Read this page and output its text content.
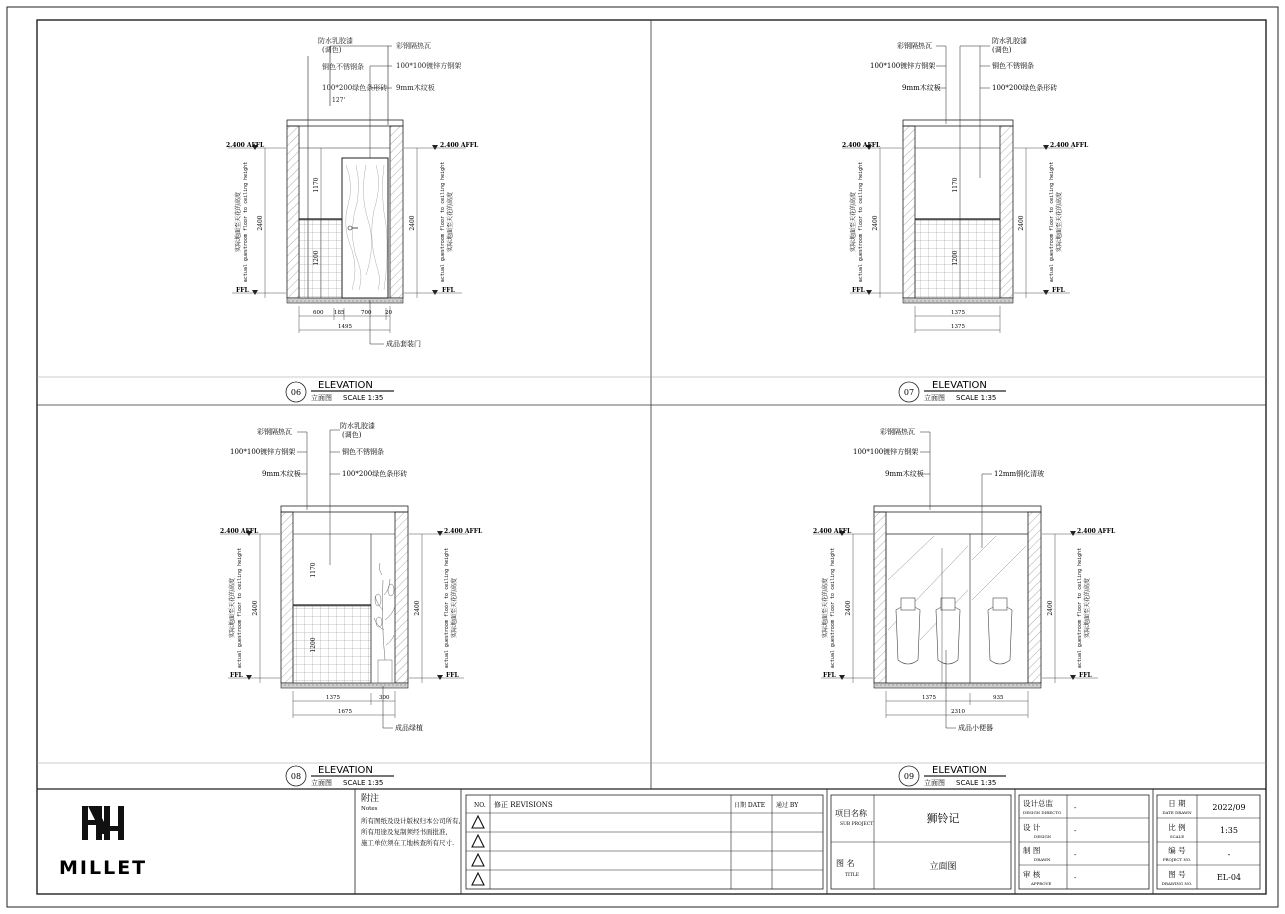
防水乳胶漆
(调色)
铜色不锈钢条
100*200绿色条形砖
彩钢隔热瓦
100*100镀锌方钢架
9mm木纹板
127'
2.400 AFFL	2.400 AFFL
FFL	FFL
2400	2400
1170
1200
实际地面至天花的高度 actual guestroom floor to ceiling height	actual guestroom floor to ceiling height 实际地面至天花的高度
600 185	700 20
1495
成品套装门
06
ELEVATION
立面图 SCALE 1:35
彩钢隔热瓦
100*100镀锌方钢架
9mm木纹板
防水乳胶漆
(调色)
铜色不锈钢条
100*200绿色条形砖
2.400 AFFL	2.400 AFFL
FFL	FFL
2400	2400
1170
1200
实际地面至天花的高度 actual guestroom floor to ceiling height	actual guestroom floor to ceiling height 实际地面至天花的高度
1375
1375
07
ELEVATION
立面图 SCALE 1:35
彩钢隔热瓦
100*100镀锌方钢架
9mm木纹板
防水乳胶漆
(调色)
铜色不锈钢条
100*200绿色条形砖
2.400 AFFL	2.400 AFFL
FFL	FFL
2400	2400
1170
1200
实际地面至天花的高度 actual guestroom floor to ceiling height	actual guestroom floor to ceiling height 实际地面至天花的高度
1375	300
1675
成品绿植
08
ELEVATION
立面图 SCALE 1:35
彩钢隔热瓦
100*100镀锌方钢架
9mm木纹板	12mm钢化清玻
2.400 AFFL	2.400 AFFL
FFL	FFL
2400	2400
实际地面至天花的高度 actual guestroom floor to ceiling height	actual guestroom floor to ceiling height 实际地面至天花的高度
1375	935
2310
成品小便器
09
ELEVATION
立面图 SCALE 1:35
MILLET
附注
Notes
所有图纸及设计版权归本公司所有,
所有用途及复制须经书面批准,
施工单位须在工地核查所有尺寸.
NO. 修正 REVISIONS	日期 DATE 通过 BY
项目名称
SUB PROJECT	狮铃记
图 名
TITLE
立面图
设计总监
DESIGN DIRECTO
-
设 计
DESIGN
-
制 图
DRAWN
-
审 核
APPROVE
-
日 期
DATE DRAWN
2022/09
比 例
SCALE
1:35
编 号
PROJECT NO.
-
图 号
DRAWING NO.
EL-04
